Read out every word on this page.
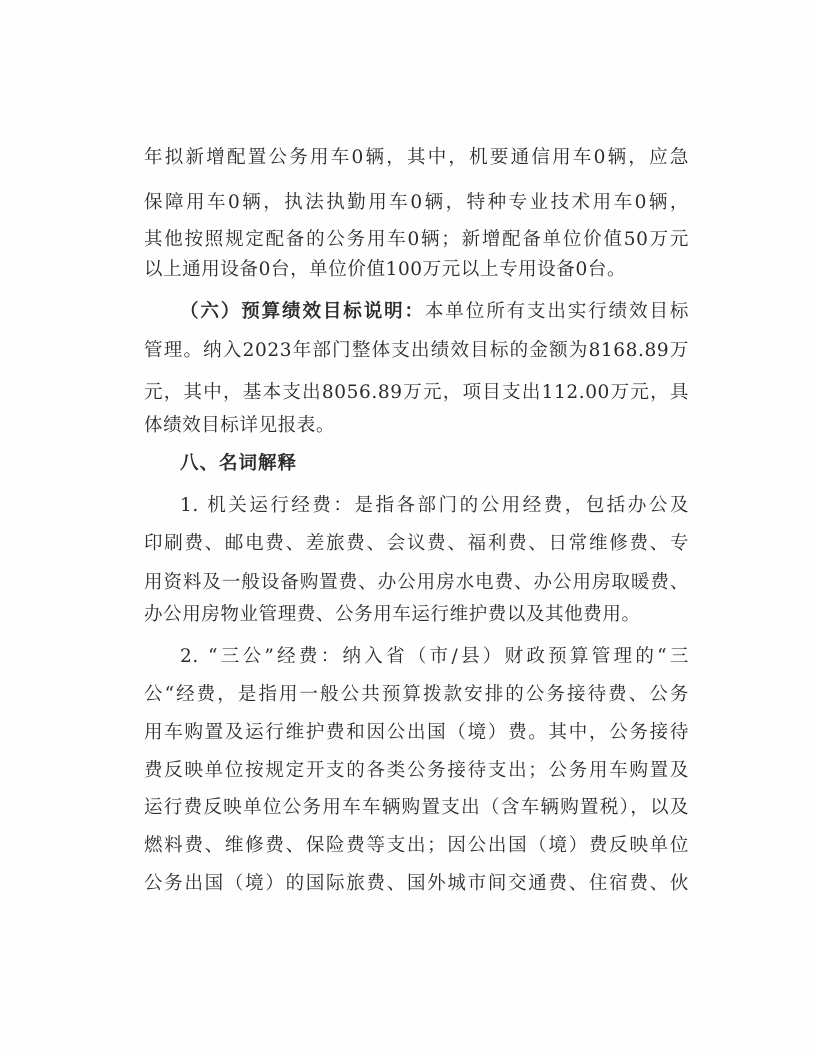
年拟新增配置公务用车0辆，其中，机要通信用车0辆，应急
保障用车0辆，执法执勤用车0辆，特种专业技术用车0辆，
其他按照规定配备的公务用车0辆；新增配备单位价值50万元
以上通用设备0台，单位价值100万元以上专用设备0台。
（六）预算绩效目标说明：本单位所有支出实行绩效目标
管理。纳入2023年部门整体支出绩效目标的金额为8168.89万
元，其中，基本支出8056.89万元，项目支出112.00万元，具
体绩效目标详见报表。
八、名词解释
1. 机关运行经费：是指各部门的公用经费，包括办公及
印刷费、邮电费、差旅费、会议费、福利费、日常维修费、专
用资料及一般设备购置费、办公用房水电费、办公用房取暖费、
办公用房物业管理费、公务用车运行维护费以及其他费用。
2. “三公”经费：纳入省（市/县）财政预算管理的“三
公“经费，是指用一般公共预算拨款安排的公务接待费、公务
用车购置及运行维护费和因公出国（境）费。其中，公务接待
费反映单位按规定开支的各类公务接待支出；公务用车购置及
运行费反映单位公务用车车辆购置支出（含车辆购置税），以及
燃料费、维修费、保险费等支出；因公出国（境）费反映单位
公务出国（境）的国际旅费、国外城市间交通费、住宿费、伙
